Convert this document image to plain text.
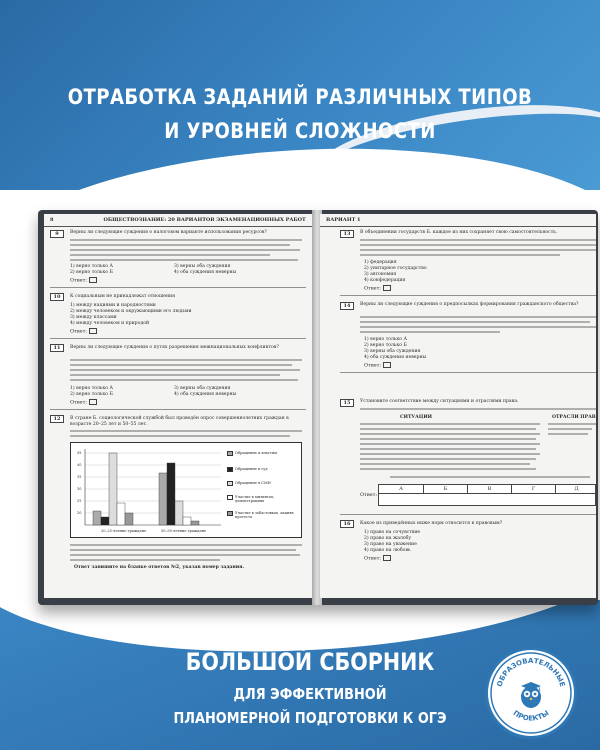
ОТРАБОТКА ЗАДАНИЙ РАЗЛИЧНЫХ ТИПОВ
И УРОВНЕЙ СЛОЖНОСТИ
БОЛЬШОЙ СБОРНИК
ДЛЯ ЭФФЕКТИВНОЙ
ПЛАНОМЕРНОЙ ПОДГОТОВКИ К ОГЭ
ОБРАЗОВАТЕЛЬНЫЕ
ПРОЕКТЫ
8	ОБЩЕСТВОЗНАНИЕ: 20 ВАРИАНТОВ ЭКЗАМЕНАЦИОННЫХ РАБОТ
9	Верны ли следующие суждения о налоговом варианте использования ресурсов?
1) верно только А	3) верны оба суждения
2) верно только Б	4) оба суждения неверны
Ответ:
10	К социальным не принадлежат отношения
1) между нациями и народностями
2) между человеком и окружающими его людьми
3) между классами
4) между человеком и природой
Ответ:
11	Верны ли следующие суждения о путях разрешения межнациональных конфликтов?
1) верно только А	3) верны оба суждения
2) верно только Б	4) оба суждения неверны
Ответ:
12	В стране Б. социологической службой был проведён опрос совершеннолетних граждан в возрасте 20–25 лет и 50–55 лет.
45
40
35
30
25
20
20–25-летние граждане	50–55-летние граждане
Обращение к властям
Обращение в суд
Обращение в СМИ
Участие в митингах, демонстрациях
Участие в забастовках, акциях протеста
Ответ запишите на бланке ответов №2, указав номер задания.
ВАРИАНТ 1
13	В объединении государств Б. каждое из них сохраняет свою самостоятельность.
1) федерация
2) унитарное государство
3) автономия
4) конфедерация
Ответ:
14	Верны ли следующие суждения о предпосылках формирования гражданского общества?
1) верно только А
2) верно только Б
3) верны оба суждения
4) оба суждения неверны
Ответ:
15	Установите соответствие между ситуациями и отраслями права.
СИТУАЦИИ	ОТРАСЛИ ПРАВ
Ответ:
А	Б	В	Г	Д
16	Какое из приведённых ниже норм относится к правовым?
1) право на сочувствие
2) право на жалобу
3) право на уважение
4) право на любовь
Ответ:
